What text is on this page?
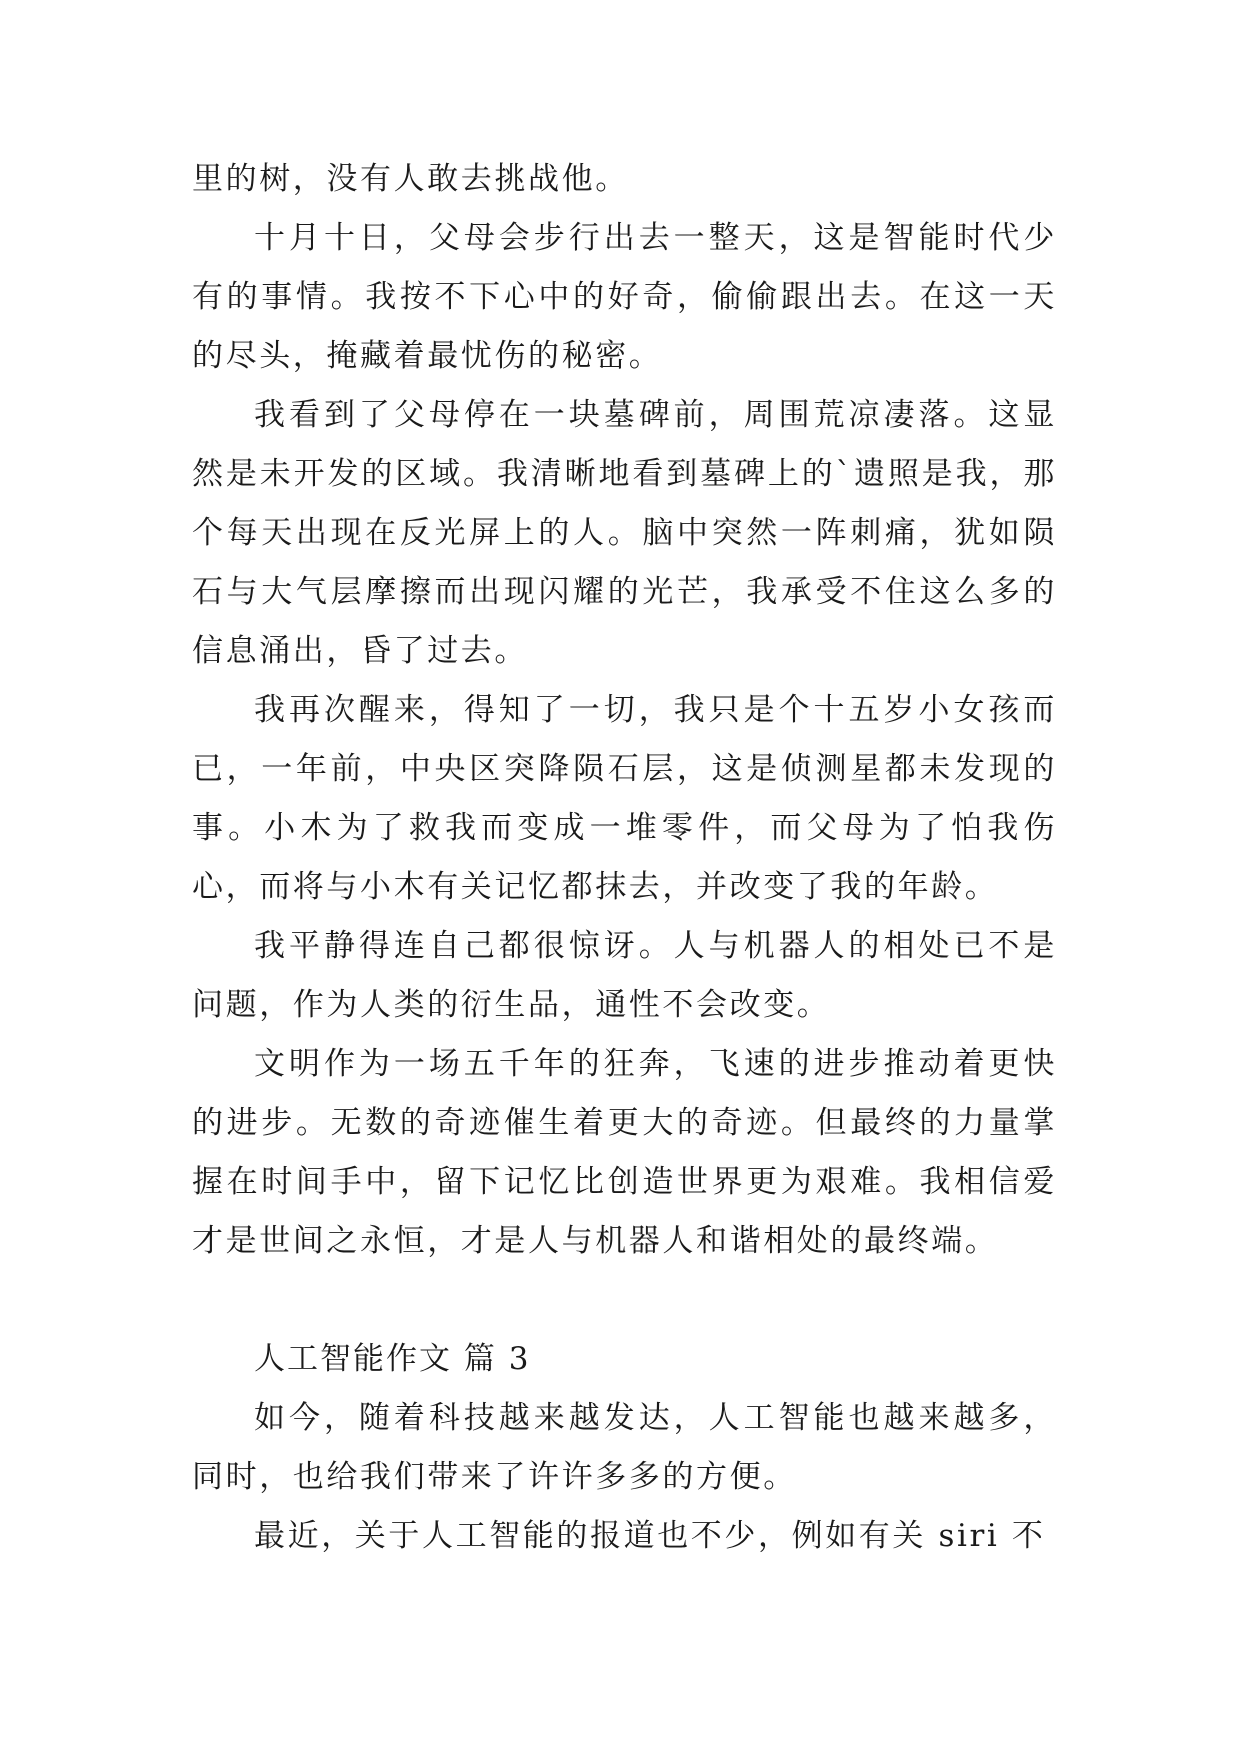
里的树，没有人敢去挑战他。

十月十日，父母会步行出去一整天，这是智能时代少有的事情。我按不下心中的好奇，偷偷跟出去。在这一天的尽头，掩藏着最忧伤的秘密。

我看到了父母停在一块墓碑前，周围荒凉凄落。这显然是未开发的区域。我清晰地看到墓碑上的`遗照是我，那个每天出现在反光屏上的人。脑中突然一阵刺痛，犹如陨石与大气层摩擦而出现闪耀的光芒，我承受不住这么多的信息涌出，昏了过去。

我再次醒来，得知了一切，我只是个十五岁小女孩而已，一年前，中央区突降陨石层，这是侦测星都未发现的事。小木为了救我而变成一堆零件，而父母为了怕我伤心，而将与小木有关记忆都抹去，并改变了我的年龄。

我平静得连自己都很惊讶。人与机器人的相处已不是问题，作为人类的衍生品，通性不会改变。

文明作为一场五千年的狂奔，飞速的进步推动着更快的进步。无数的奇迹催生着更大的奇迹。但最终的力量掌握在时间手中，留下记忆比创造世界更为艰难。我相信爱才是世间之永恒，才是人与机器人和谐相处的最终端。

人工智能作文 篇 3

如今，随着科技越来越发达，人工智能也越来越多，同时，也给我们带来了许许多多的方便。

最近，关于人工智能的报道也不少，例如有关 siri 不
